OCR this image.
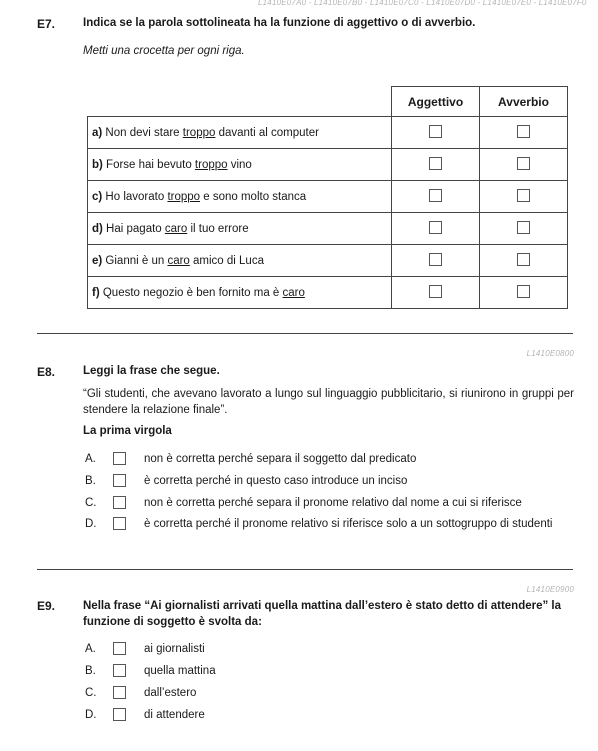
L1410E07A0 - L1410E07B0 - L1410E07C0 - L1410E07D0 - L1410E07E0 - L1410E07F0
E7. Indica se la parola sottolineata ha la funzione di aggettivo o di avverbio.
Metti una crocetta per ogni riga.
	Aggettivo	Avverbio
a) Non devi stare troppo davanti al computer		
b) Forse hai bevuto troppo vino		
c) Ho lavorato troppo e sono molto stanca		
d) Hai pagato caro il tuo errore		
e) Gianni è un caro amico di Luca		
f) Questo negozio è ben fornito ma è caro		
L1410E0800
E8. Leggi la frase che segue.
“Gli studenti, che avevano lavorato a lungo sul linguaggio pubblicitario, si riunirono in gruppi per stendere la relazione finale”.
La prima virgola
A.	non è corretta perché separa il soggetto dal predicato
B.	è corretta perché in questo caso introduce un inciso
C.	non è corretta perché separa il pronome relativo dal nome a cui si riferisce
D.	è corretta perché il pronome relativo si riferisce solo a un sottogruppo di studenti
L1410E0900
E9. Nella frase “Ai giornalisti arrivati quella mattina dall’estero è stato detto di attendere” la funzione di soggetto è svolta da:
A.	ai giornalisti
B.	quella mattina
C.	dall’estero
D.	di attendere
